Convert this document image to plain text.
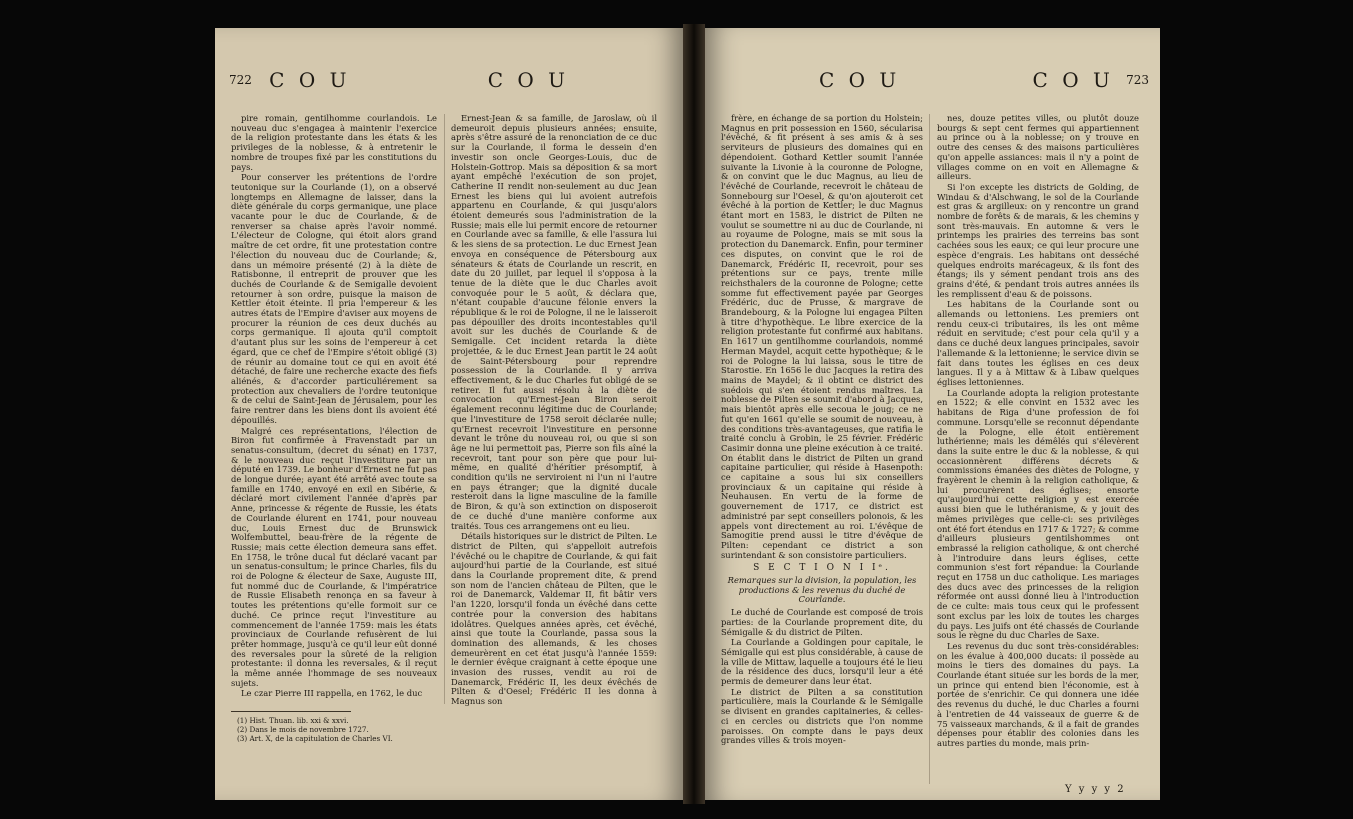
722 C O U	C O U

pire romain, gentilhomme courlandois. Le nouveau duc s'engagea à maintenir l'exercice de la religion protestante dans les états & les privileges de la noblesse, & à entretenir le nombre de troupes fixé par les constitutions du pays.

Pour conserver les prétentions de l'ordre teutonique sur la Courlande (1), on a observé longtemps en Allemagne de laisser, dans la diète générale du corps germanique, une place vacante pour le duc de Courlande, & de renverser sa chaise après l'avoir nommé. L'électeur de Cologne, qui étoit alors grand maître de cet ordre, fit une protestation contre l'élection du nouveau duc de Courlande; &, dans un mémoire présenté (2) à la diète de Ratisbonne, il entreprit de prouver que les duchés de Courlande & de Semigalle devoient retourner à son ordre, puisque la maison de Kettler étoit éteinte. Il pria l'empereur & les autres états de l'Empire d'aviser aux moyens de procurer la réunion de ces deux duchés au corps germanique. Il ajouta qu'il comptoit d'autant plus sur les soins de l'empereur à cet égard, que ce chef de l'Empire s'étoit obligé (3) de réunir au domaine tout ce qui en avoit été détaché, de faire une recherche exacte des fiefs aliénés, & d'accorder particuliérement sa protection aux chevaliers de l'ordre teutonique & de celui de Saint-Jean de Jérusalem, pour les faire rentrer dans les biens dont ils avoient été dépouillés.

Malgré ces représentations, l'élection de Biron fut confirmée à Fravenstadt par un senatus-consultum, (decret du sénat) en 1737, & le nouveau duc reçut l'investiture par un député en 1739. Le bonheur d'Ernest ne fut pas de longue durée; ayant été arrêté avec toute sa famille en 1740, envoyé en exil en Sibérie, & déclaré mort civilement l'année d'après par Anne, princesse & régente de Russie, les états de Courlande élurent en 1741, pour nouveau duc, Louis Ernest duc de Brunswick Wolfembuttel, beau-frère de la régente de Russie; mais cette élection demeura sans effet. En 1758, le trône ducal fut déclaré vacant par un senatus-consultum; le prince Charles, fils du roi de Pologne & électeur de Saxe, Auguste III, fut nommé duc de Courlande, & l'impératrice de Russie Elisabeth renonça en sa faveur à toutes les prétentions qu'elle formoit sur ce duché. Ce prince reçut l'investiture au commencement de l'année 1759: mais les états provinciaux de Courlande refusèrent de lui prêter hommage, jusqu'à ce qu'il leur eût donné des reversales pour la sûreté de la religion protestante: il donna les reversales, & il reçut la même année l'hommage de ses nouveaux sujets.

Le czar Pierre III rappella, en 1762, le duc

Ernest-Jean & sa famille, de Jaroslaw, où il demeuroit depuis plusieurs années; ensuite, après s'être assuré de la renonciation de ce duc sur la Courlande, il forma le dessein d'en investir son oncle Georges-Louis, duc de Holstein-Gottrop. Mais sa déposition & sa mort ayant empêché l'exécution de son projet, Catherine II rendit non-seulement au duc Jean Ernest les biens qui lui avoient autrefois appartenu en Courlande, & qui jusqu'alors étoient demeurés sous l'administration de la Russie; mais elle lui permit encore de retourner en Courlande avec sa famille, & elle l'assura lui & les siens de sa protection. Le duc Ernest Jean envoya en conséquence de Pétersbourg aux sénateurs & états de Courlande un rescrit, en date du 20 juillet, par lequel il s'opposa à la tenue de la diète que le duc Charles avoit convoquée pour le 5 août, & déclara que, n'étant coupable d'aucune félonie envers la république & le roi de Pologne, il ne le laisseroit pas dépouiller des droits incontestables qu'il avoit sur les duchés de Courlande & de Semigalle. Cet incident retarda la diète projettée, & le duc Ernest Jean partit le 24 août de Saint-Pétersbourg pour reprendre possession de la Courlande. Il y arriva effectivement, & le duc Charles fut obligé de se retirer. Il fut aussi résolu à la diète de convocation qu'Ernest-Jean Biron seroit également reconnu légitime duc de Courlande; que l'investiture de 1758 seroit déclarée nulle; qu'Ernest recevroit l'investiture en personne devant le trône du nouveau roi, ou que si son âge ne lui permettoit pas, Pierre son fils aîné la recevroit, tant pour son père que pour lui-même, en qualité d'héritier présomptif, à condition qu'ils ne serviroient ni l'un ni l'autre en pays étranger; que la dignité ducale resteroit dans la ligne masculine de la famille de Biron, & qu'à son extinction on disposeroit de ce duché d'une manière conforme aux traités. Tous ces arrangemens ont eu lieu.

Détails historiques sur le district de Pilten. Le district de Pilten, qui s'appelloit autrefois l'évêché ou le chapitre de Courlande, & qui fait aujourd'hui partie de la Courlande, est situé dans la Courlande proprement dite, & prend son nom de l'ancien château de Pilten, que le roi de Danemarck, Valdemar II, fit bâtir vers l'an 1220, lorsqu'il fonda un évêché dans cette contrée pour la conversion des habitans idolâtres. Quelques années après, cet évêché, ainsi que toute la Courlande, passa sous la domination des allemands, & les choses demeurèrent en cet état jusqu'à l'année 1559: le dernier évêque craignant à cette époque une invasion des russes, vendit au roi de Danemarck, Frédéric II, les deux évêchés de Pilten & d'Oesel; Frédéric II les donna à Magnus son

(1) Hist. Thuan. lib. xxi & xxvi.
(2) Dans le mois de novembre 1727.
(3) Art. X, de la capitulation de Charles VI.
C O U	C O U 723

frère, en échange de sa portion du Holstein; Magnus en prit possession en 1560, sécularisa l'évêché, & fit présent à ses amis & à ses serviteurs de plusieurs des domaines qui en dépendoient. Gothard Kettler soumit l'année suivante la Livonie à la couronne de Pologne, & on convint que le duc Magnus, au lieu de l'évêché de Courlande, recevroit le château de Sonnebourg sur l'Oesel, & qu'on ajouteroit cet évêché à la portion de Kettler; le duc Magnus étant mort en 1583, le district de Pilten ne voulut se soumettre ni au duc de Courlande, ni au royaume de Pologne, mais se mit sous la protection du Danemarck. Enfin, pour terminer ces disputes, on convint que le roi de Danemarck, Frédéric II, recevroit, pour ses prétentions sur ce pays, trente mille reichsthalers de la couronne de Pologne; cette somme fut effectivement payée par Georges Frédéric, duc de Prusse, & margrave de Brandebourg, & la Pologne lui engagea Pilten à titre d'hypothèque. Le libre exercice de la religion protestante fut confirmé aux habitans. En 1617 un gentilhomme courlandois, nommé Herman Maydel, acquit cette hypothèque; & le roi de Pologne la lui laissa, sous le titre de Starostie. En 1656 le duc Jacques la retira des mains de Maydel; & il obtint ce district des suédois qui s'en étoient rendus maîtres. La noblesse de Pilten se soumit d'abord à Jacques, mais bientôt après elle secoua le joug; ce ne fut qu'en 1661 qu'elle se soumit de nouveau, à des conditions très-avantageuses, que ratifia le traité conclu à Grobin, le 25 février. Frédéric Casimir donna une pleine exécution à ce traité. On établit dans le district de Pilten un grand capitaine particulier, qui réside à Hasenpoth: ce capitaine a sous lui six conseillers provinciaux & un capitaine qui réside à Neuhausen. En vertu de la forme de gouvernement de 1717, ce district est administré par sept conseillers polonois, & les appels vont directement au roi. L'évêque de Samogitie prend aussi le titre d'évêque de Pilten: cependant ce district a son surintendant & son consistoire particuliers.

S E C T I O N I Iᵉ.

Remarques sur la division, la population, les productions & les revenus du duché de Courlande.

Le duché de Courlande est composé de trois parties: de la Courlande proprement dite, du Sémigalle & du district de Pilten.

La Courlande a Goldingen pour capitale, le Sémigalle qui est plus considérable, à cause de la ville de Mittaw, laquelle a toujours été le lieu de la résidence des ducs, lorsqu'il leur a été permis de demeurer dans leur état.

Le district de Pilten a sa constitution particulière, mais la Courlande & le Sémigalle se divisent en grandes capitaineries, & celles-ci en cercles ou districts que l'on nomme paroisses. On compte dans le pays deux grandes villes & trois moyen-

nes, douze petites villes, ou plutôt douze bourgs & sept cent fermes qui appartiennent au prince ou à la noblesse; on y trouve en outre des censes & des maisons particulières qu'on appelle assiances: mais il n'y a point de villages comme on en voit en Allemagne & ailleurs.

Si l'on excepte les districts de Golding, de Windau & d'Alschwang, le sol de la Courlande est gras & argilleux: on y rencontre un grand nombre de forêts & de marais, & les chemins y sont très-mauvais. En automne & vers le printemps les prairies des terreins bas sont cachées sous les eaux; ce qui leur procure une espèce d'engrais. Les habitans ont desséché quelques endroits marécageux, & ils font des étangs; ils y sément pendant trois ans des grains d'été, & pendant trois autres années ils les remplissent d'eau & de poissons.

Les habitans de la Courlande sont ou allemands ou lettoniens. Les premiers ont rendu ceux-ci tributaires, ils les ont même réduit en servitude; c'est pour cela qu'il y a dans ce duché deux langues principales, savoir l'allemande & la lettonienne; le service divin se fait dans toutes les églises en ces deux langues. Il y a à Mittaw & à Libaw quelques églises lettoniennes.

La Courlande adopta la religion protestante en 1522; & elle convint en 1532 avec les habitans de Riga d'une profession de foi commune. Lorsqu'elle se reconnut dépendante de la Pologne, elle étoit entièrement luthérienne; mais les démêlés qui s'élevèrent dans la suite entre le duc & la noblesse, & qui occasionnèrent différens décrets & commissions émanées des diètes de Pologne, y frayèrent le chemin à la religion catholique, & lui procurèrent des églises; ensorte qu'aujourd'hui cette religion y est exercée aussi bien que le luthéranisme, & y jouit des mêmes privilèges que celle-ci: ses privilèges ont été fort étendus en 1717 & 1727; & comme d'ailleurs plusieurs gentilshommes ont embrassé la religion catholique, & ont cherché à l'introduire dans leurs églises, cette communion s'est fort répandue: la Courlande reçut en 1758 un duc catholique. Les mariages des ducs avec des princesses de la religion réformée ont aussi donné lieu à l'introduction de ce culte: mais tous ceux qui le professent sont exclus par les loix de toutes les charges du pays. Les juifs ont été chassés de Courlande sous le règne du duc Charles de Saxe.

Les revenus du duc sont très-considérables: on les évalue à 400,000 ducats: il possède au moins le tiers des domaines du pays. La Courlande étant située sur les bords de la mer, un prince qui entend bien l'économie, est à portée de s'enrichir. Ce qui donnera une idée des revenus du duché, le duc Charles a fourni à l'entretien de 44 vaisseaux de guerre & de 75 vaisseaux marchands, & il a fait de grandes dépenses pour établir des colonies dans les autres parties du monde, mais prin-

Y y y y 2
